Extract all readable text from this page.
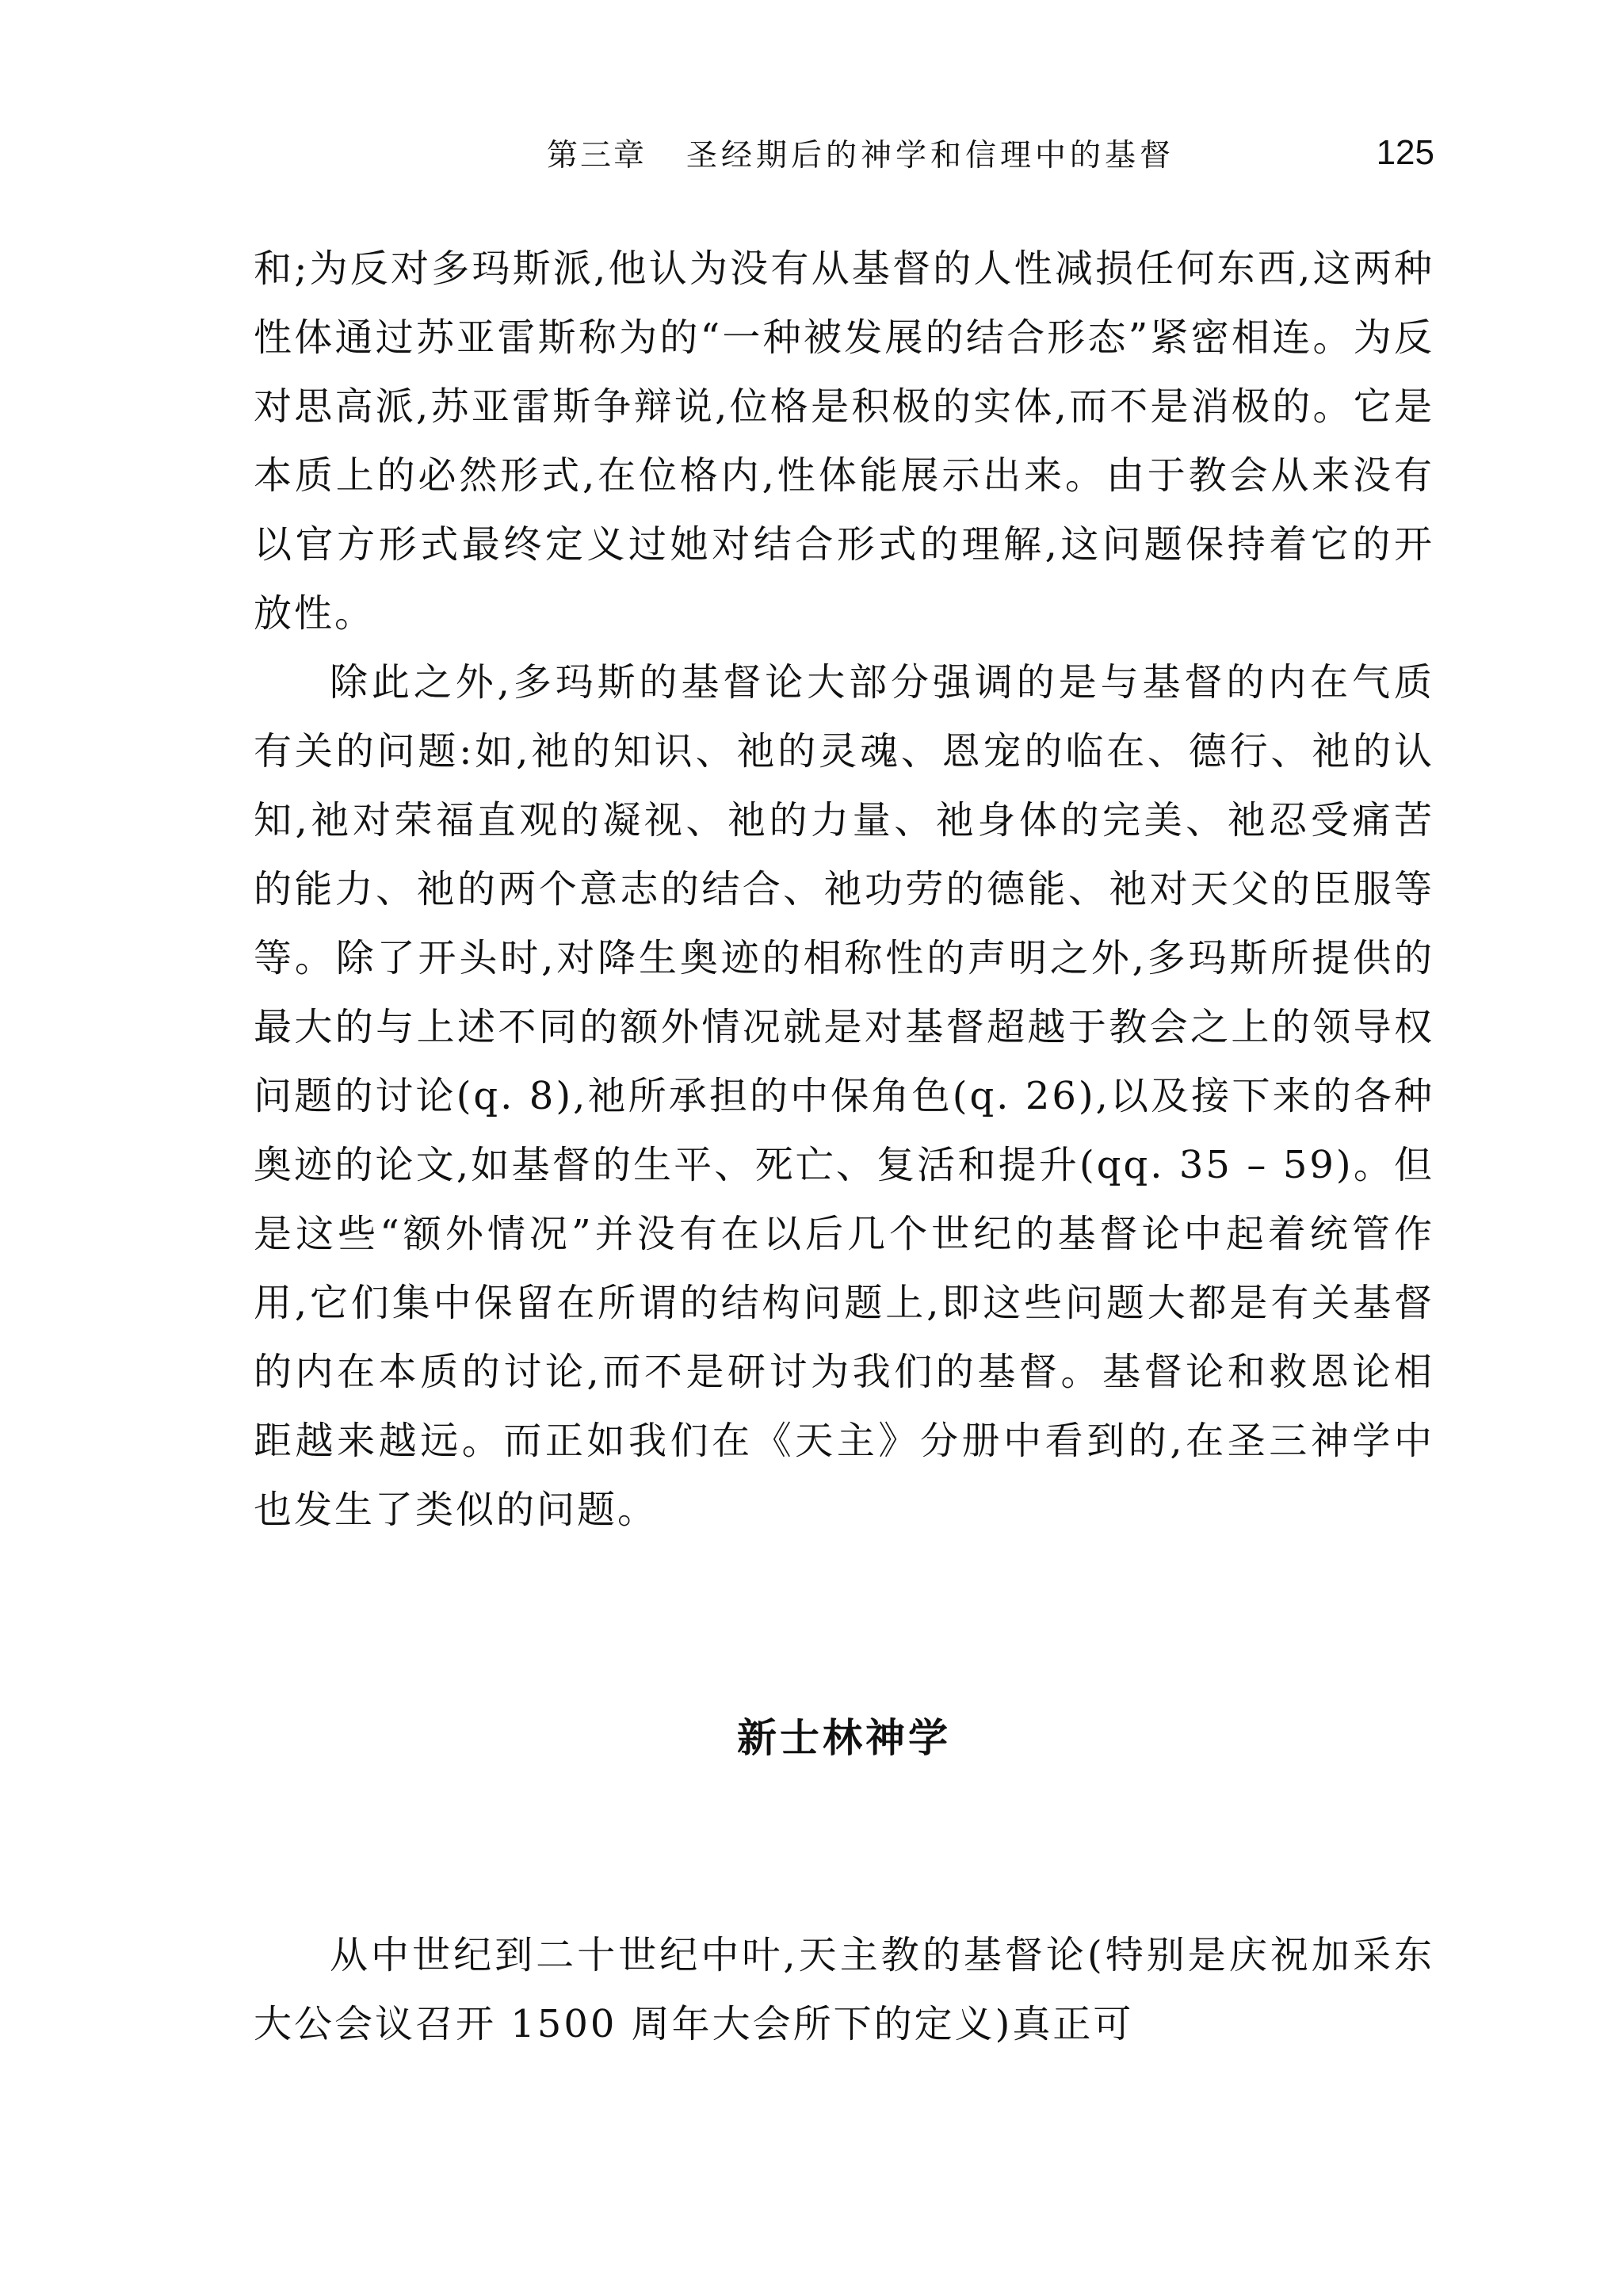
第三章 圣经期后的神学和信理中的基督	125

和;为反对多玛斯派,他认为没有从基督的人性减损任何东西,这两种性体通过苏亚雷斯称为的“一种被发展的结合形态”紧密相连。为反对思高派,苏亚雷斯争辩说,位格是积极的实体,而不是消极的。它是本质上的必然形式,在位格内,性体能展示出来。由于教会从来没有以官方形式最终定义过她对结合形式的理解,这问题保持着它的开放性。

除此之外,多玛斯的基督论大部分强调的是与基督的内在气质有关的问题:如,祂的知识、祂的灵魂、恩宠的临在、德行、祂的认知,祂对荣福直观的凝视、祂的力量、祂身体的完美、祂忍受痛苦的能力、祂的两个意志的结合、祂功劳的德能、祂对天父的臣服等等。除了开头时,对降生奥迹的相称性的声明之外,多玛斯所提供的最大的与上述不同的额外情况就是对基督超越于教会之上的领导权问题的讨论(q. 8),祂所承担的中保角色(q. 26),以及接下来的各种奥迹的论文,如基督的生平、死亡、复活和提升(qq. 35 – 59)。但是这些“额外情况”并没有在以后几个世纪的基督论中起着统管作用,它们集中保留在所谓的结构问题上,即这些问题大都是有关基督的内在本质的讨论,而不是研讨为我们的基督。基督论和救恩论相距越来越远。而正如我们在《天主》分册中看到的,在圣三神学中也发生了类似的问题。

新士林神学

从中世纪到二十世纪中叶,天主教的基督论(特别是庆祝加采东大公会议召开 1500 周年大会所下的定义)真正可
